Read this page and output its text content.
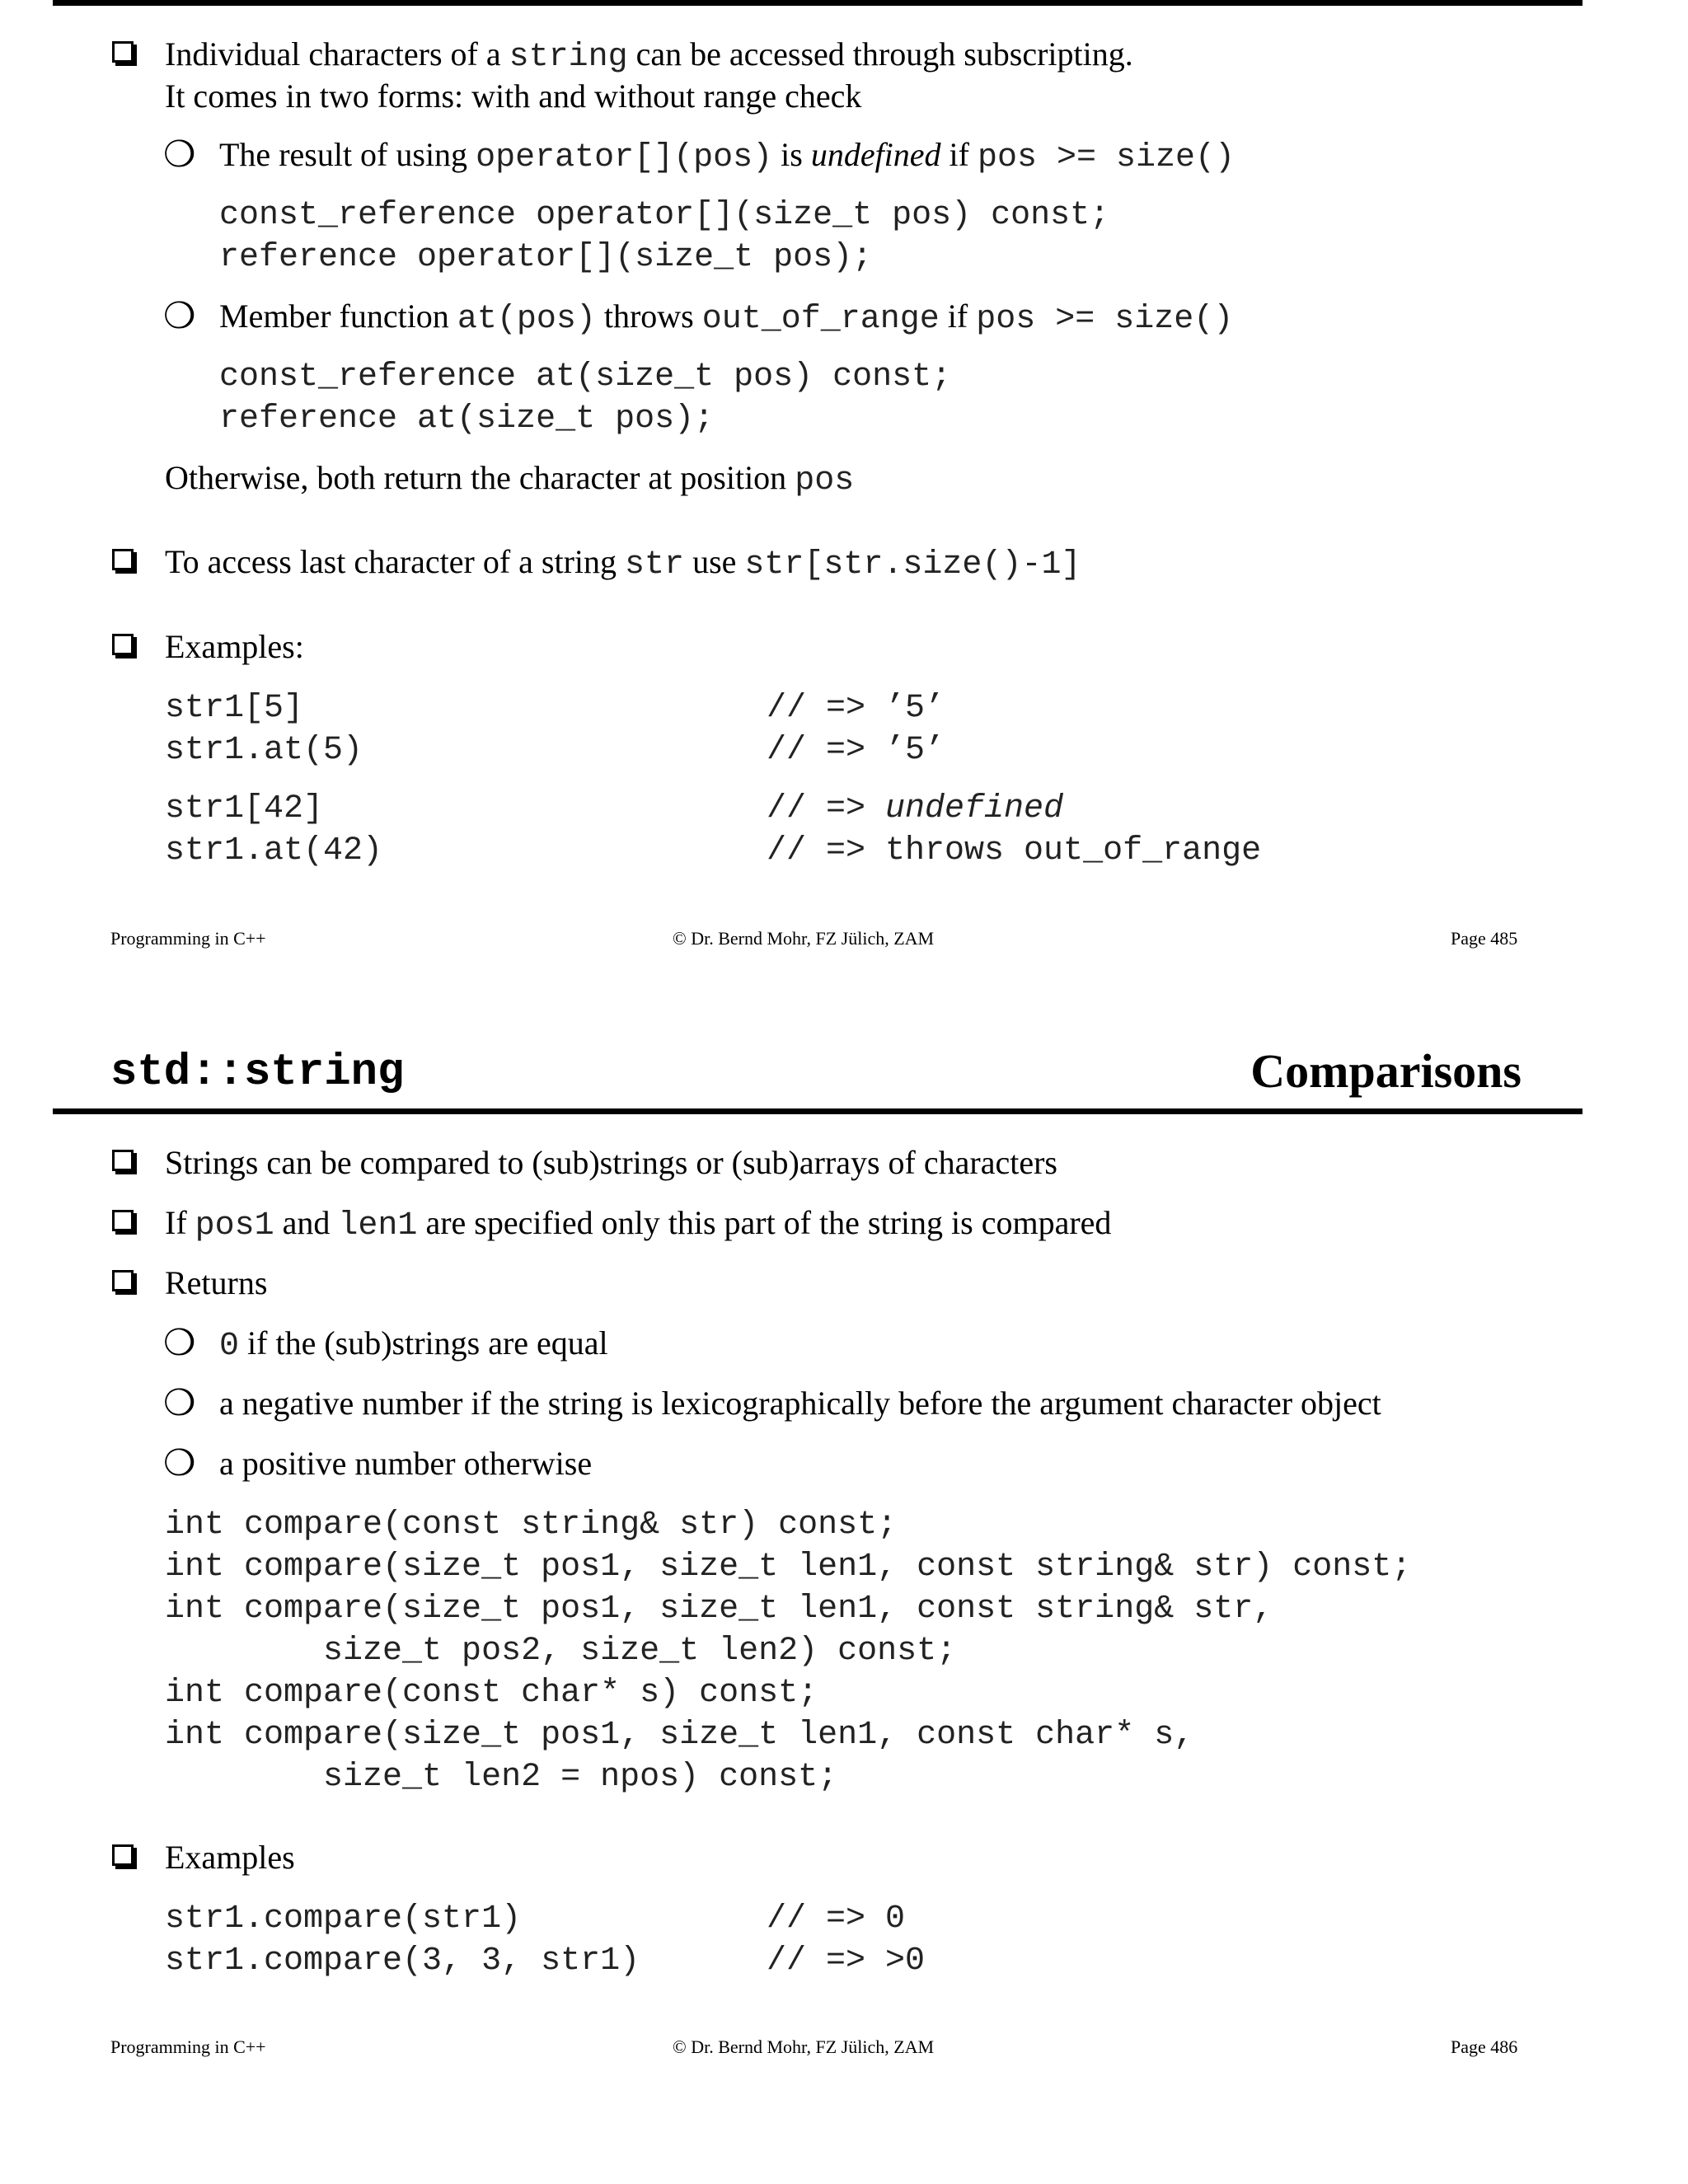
Individual characters of a string can be accessed through subscripting.
It comes in two forms: with and without range check
❍ The result of using operator[](pos) is undefined if pos >= size()
const_reference operator[](size_t pos) const;
reference operator[](size_t pos);
❍ Member function at(pos) throws out_of_range if pos >= size()
const_reference at(size_t pos) const;
reference at(size_t pos);
Otherwise, both return the character at position pos
To access last character of a string str use str[str.size()-1]
Examples:
str1[5]	// => ’5’
str1.at(5)	// => ’5’
str1[42]	// => undefined
str1.at(42)	// => throws out_of_range
Programming in C++	© Dr. Bernd Mohr, FZ Jülich, ZAM	Page 485
std::string	Comparisons
Strings can be compared to (sub)strings or (sub)arrays of characters
If pos1 and len1 are specified only this part of the string is compared
Returns
❍ 0 if the (sub)strings are equal
❍ a negative number if the string is lexicographically before the argument character object
❍ a positive number otherwise
int compare(const string& str) const;
int compare(size_t pos1, size_t len1, const string& str) const;
int compare(size_t pos1, size_t len1, const string& str,
size_t pos2, size_t len2) const;
int compare(const char* s) const;
int compare(size_t pos1, size_t len1, const char* s,
size_t len2 = npos) const;
Examples
str1.compare(str1)	// => 0
str1.compare(3, 3, str1)	// => >0
Programming in C++	© Dr. Bernd Mohr, FZ Jülich, ZAM	Page 486
